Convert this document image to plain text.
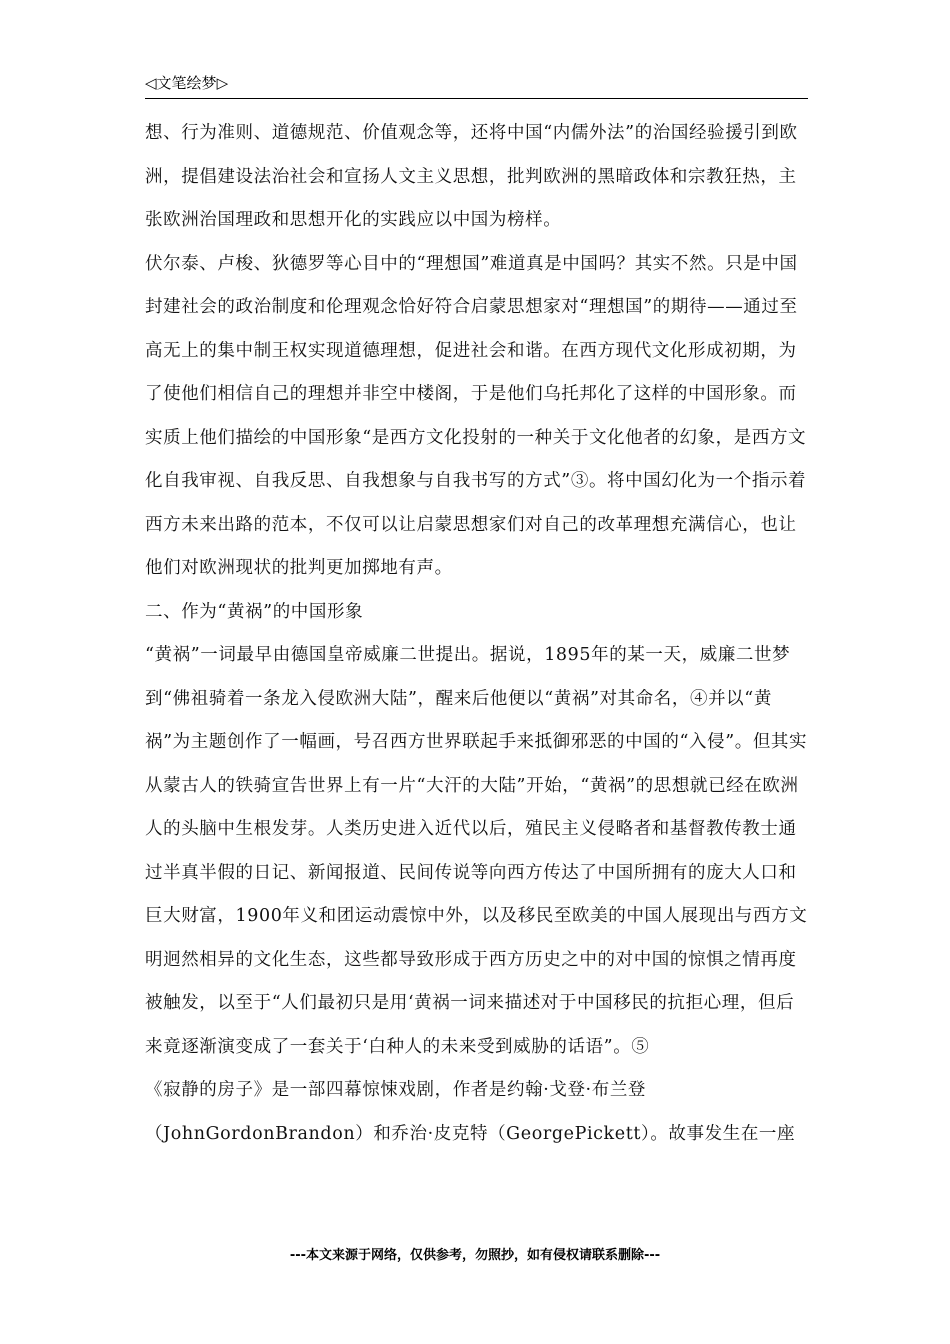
◁文笔绘梦▷

想、行为准则、道德规范、价值观念等，还将中国“内儒外法”的治国经验援引到欧洲，提倡建设法治社会和宣扬人文主义思想，批判欧洲的黑暗政体和宗教狂热，主张欧洲治国理政和思想开化的实践应以中国为榜样。

伏尔泰、卢梭、狄德罗等心目中的“理想国”难道真是中国吗？其实不然。只是中国封建社会的政治制度和伦理观念恰好符合启蒙思想家对“理想国”的期待——通过至高无上的集中制王权实现道德理想，促进社会和谐。在西方现代文化形成初期，为了使他们相信自己的理想并非空中楼阁，于是他们乌托邦化了这样的中国形象。而实质上他们描绘的中国形象“是西方文化投射的一种关于文化他者的幻象，是西方文化自我审视、自我反思、自我想象与自我书写的方式”③。将中国幻化为一个指示着西方未来出路的范本，不仅可以让启蒙思想家们对自己的改革理想充满信心，也让他们对欧洲现状的批判更加掷地有声。

二、作为“黄祸”的中国形象

“黄祸”一词最早由德国皇帝威廉二世提出。据说，1895年的某一天，威廉二世梦到“佛祖骑着一条龙入侵欧洲大陆”，醒来后他便以“黄祸”对其命名，④并以“黄祸”为主题创作了一幅画，号召西方世界联起手来抵御邪恶的中国的“入侵”。但其实从蒙古人的铁骑宣告世界上有一片“大汗的大陆”开始，“黄祸”的思想就已经在欧洲人的头脑中生根发芽。人类历史进入近代以后，殖民主义侵略者和基督教传教士通过半真半假的日记、新闻报道、民间传说等向西方传达了中国所拥有的庞大人口和巨大财富，1900年义和团运动震惊中外，以及移民至欧美的中国人展现出与西方文明迥然相异的文化生态，这些都导致形成于西方历史之中的对中国的惊惧之情再度被触发，以至于“人们最初只是用‘黄祸一词来描述对于中国移民的抗拒心理，但后来竟逐渐演变成了一套关于‘白种人的未来受到威胁的话语”。⑤

《寂静的房子》是一部四幕惊悚戏剧，作者是约翰·戈登·布兰登（JohnGordonBrandon）和乔治·皮克特（GeorgePickett）。故事发生在一座

---本文来源于网络，仅供参考，勿照抄，如有侵权请联系删除---
